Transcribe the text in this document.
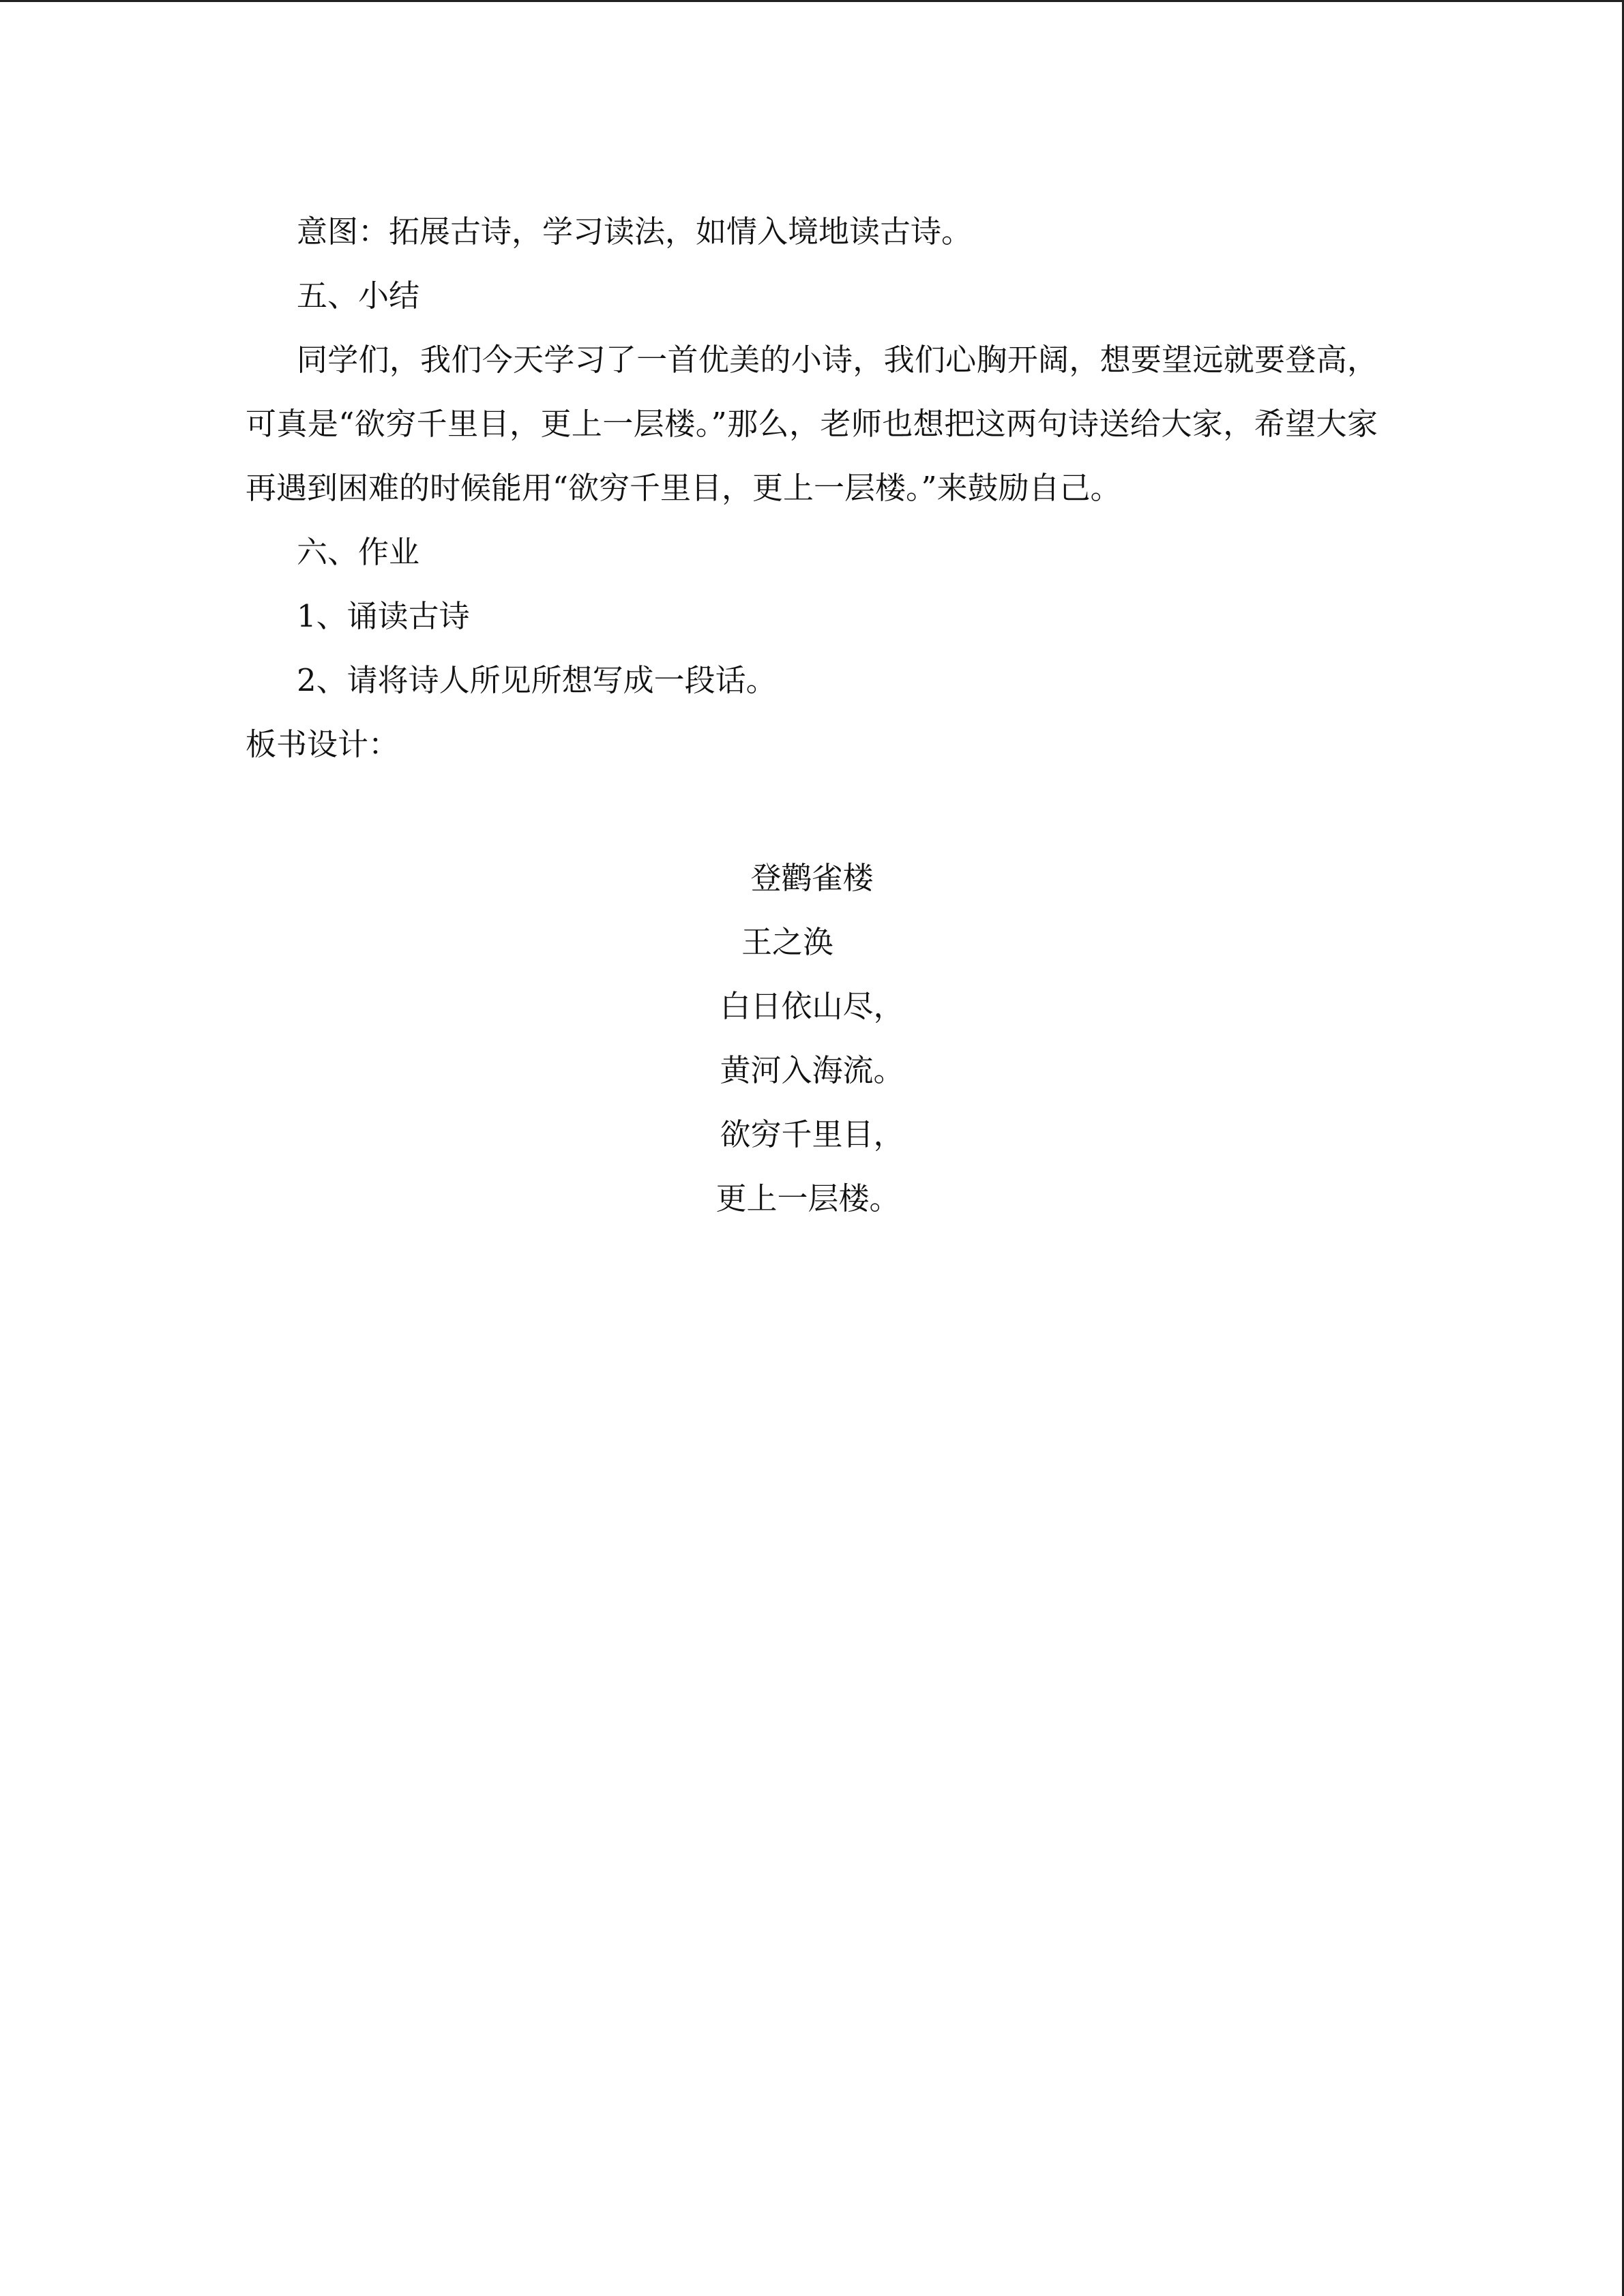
意图：拓展古诗，学习读法，如情入境地读古诗。
五、小结
同学们，我们今天学习了一首优美的小诗，我们心胸开阔，想要望远就要登高，可真是“欲穷千里目，更上一层楼。”那么，老师也想把这两句诗送给大家，希望大家再遇到困难的时候能用“欲穷千里目，更上一层楼。”来鼓励自己。
六、作业
1、诵读古诗
2、请将诗人所见所想写成一段话。
板书设计：
登鹳雀楼
王之涣
白日依山尽，
黄河入海流。
欲穷千里目，
更上一层楼。
